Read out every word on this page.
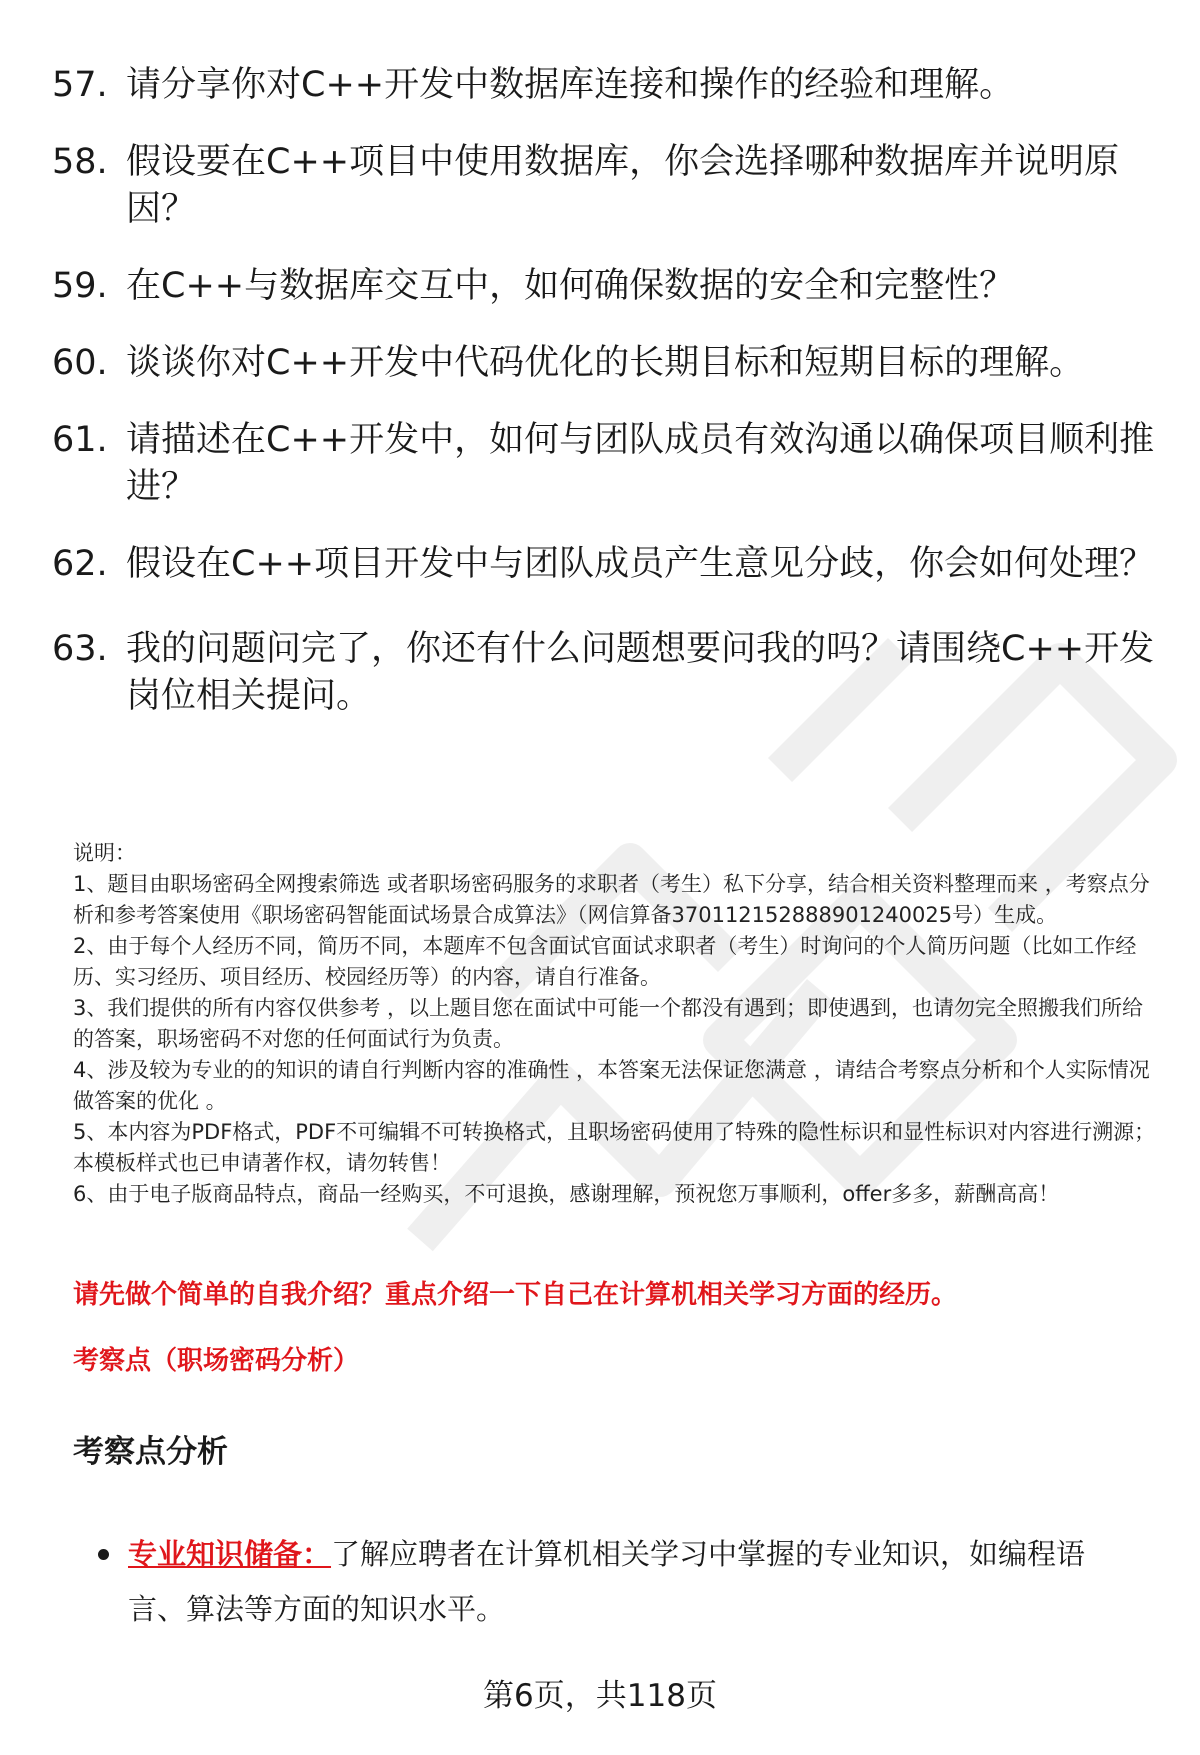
57. 请分享你对C++开发中数据库连接和操作的经验和理解。
58. 假设要在C++项目中使用数据库，你会选择哪种数据库并说明原因？
59. 在C++与数据库交互中，如何确保数据的安全和完整性？
60. 谈谈你对C++开发中代码优化的长期目标和短期目标的理解。
61. 请描述在C++开发中，如何与团队成员有效沟通以确保项目顺利推进？
62. 假设在C++项目开发中与团队成员产生意见分歧，你会如何处理？
63. 我的问题问完了，你还有什么问题想要问我的吗？请围绕C++开发岗位相关提问。
说明：
1、题目由职场密码全网搜索筛选 或者职场密码服务的求职者（考生）私下分享，结合相关资料整理而来 ，考察点分析和参考答案使用《职场密码智能面试场景合成算法》（网信算备370112152888901240025号）生成。
2、由于每个人经历不同，简历不同，本题库不包含面试官面试求职者（考生）时询问的个人简历问题（比如工作经历、实习经历、项目经历、校园经历等）的内容，请自行准备。
3、我们提供的所有内容仅供参考 ，以上题目您在面试中可能一个都没有遇到；即使遇到，也请勿完全照搬我们所给的答案，职场密码不对您的任何面试行为负责。
4、涉及较为专业的的知识的请自行判断内容的准确性 ，本答案无法保证您满意 ，请结合考察点分析和个人实际情况做答案的优化 。
5、本内容为PDF格式，PDF不可编辑不可转换格式，且职场密码使用了特殊的隐性标识和显性标识对内容进行溯源；本模板样式也已申请著作权，请勿转售！
6、由于电子版商品特点，商品一经购买，不可退换，感谢理解，预祝您万事顺利，offer多多，薪酬高高！
请先做个简单的自我介绍？重点介绍一下自己在计算机相关学习方面的经历。
考察点（职场密码分析）
考察点分析
专业知识储备：了解应聘者在计算机相关学习中掌握的专业知识，如编程语言、算法等方面的知识水平。
第6页，共118页
